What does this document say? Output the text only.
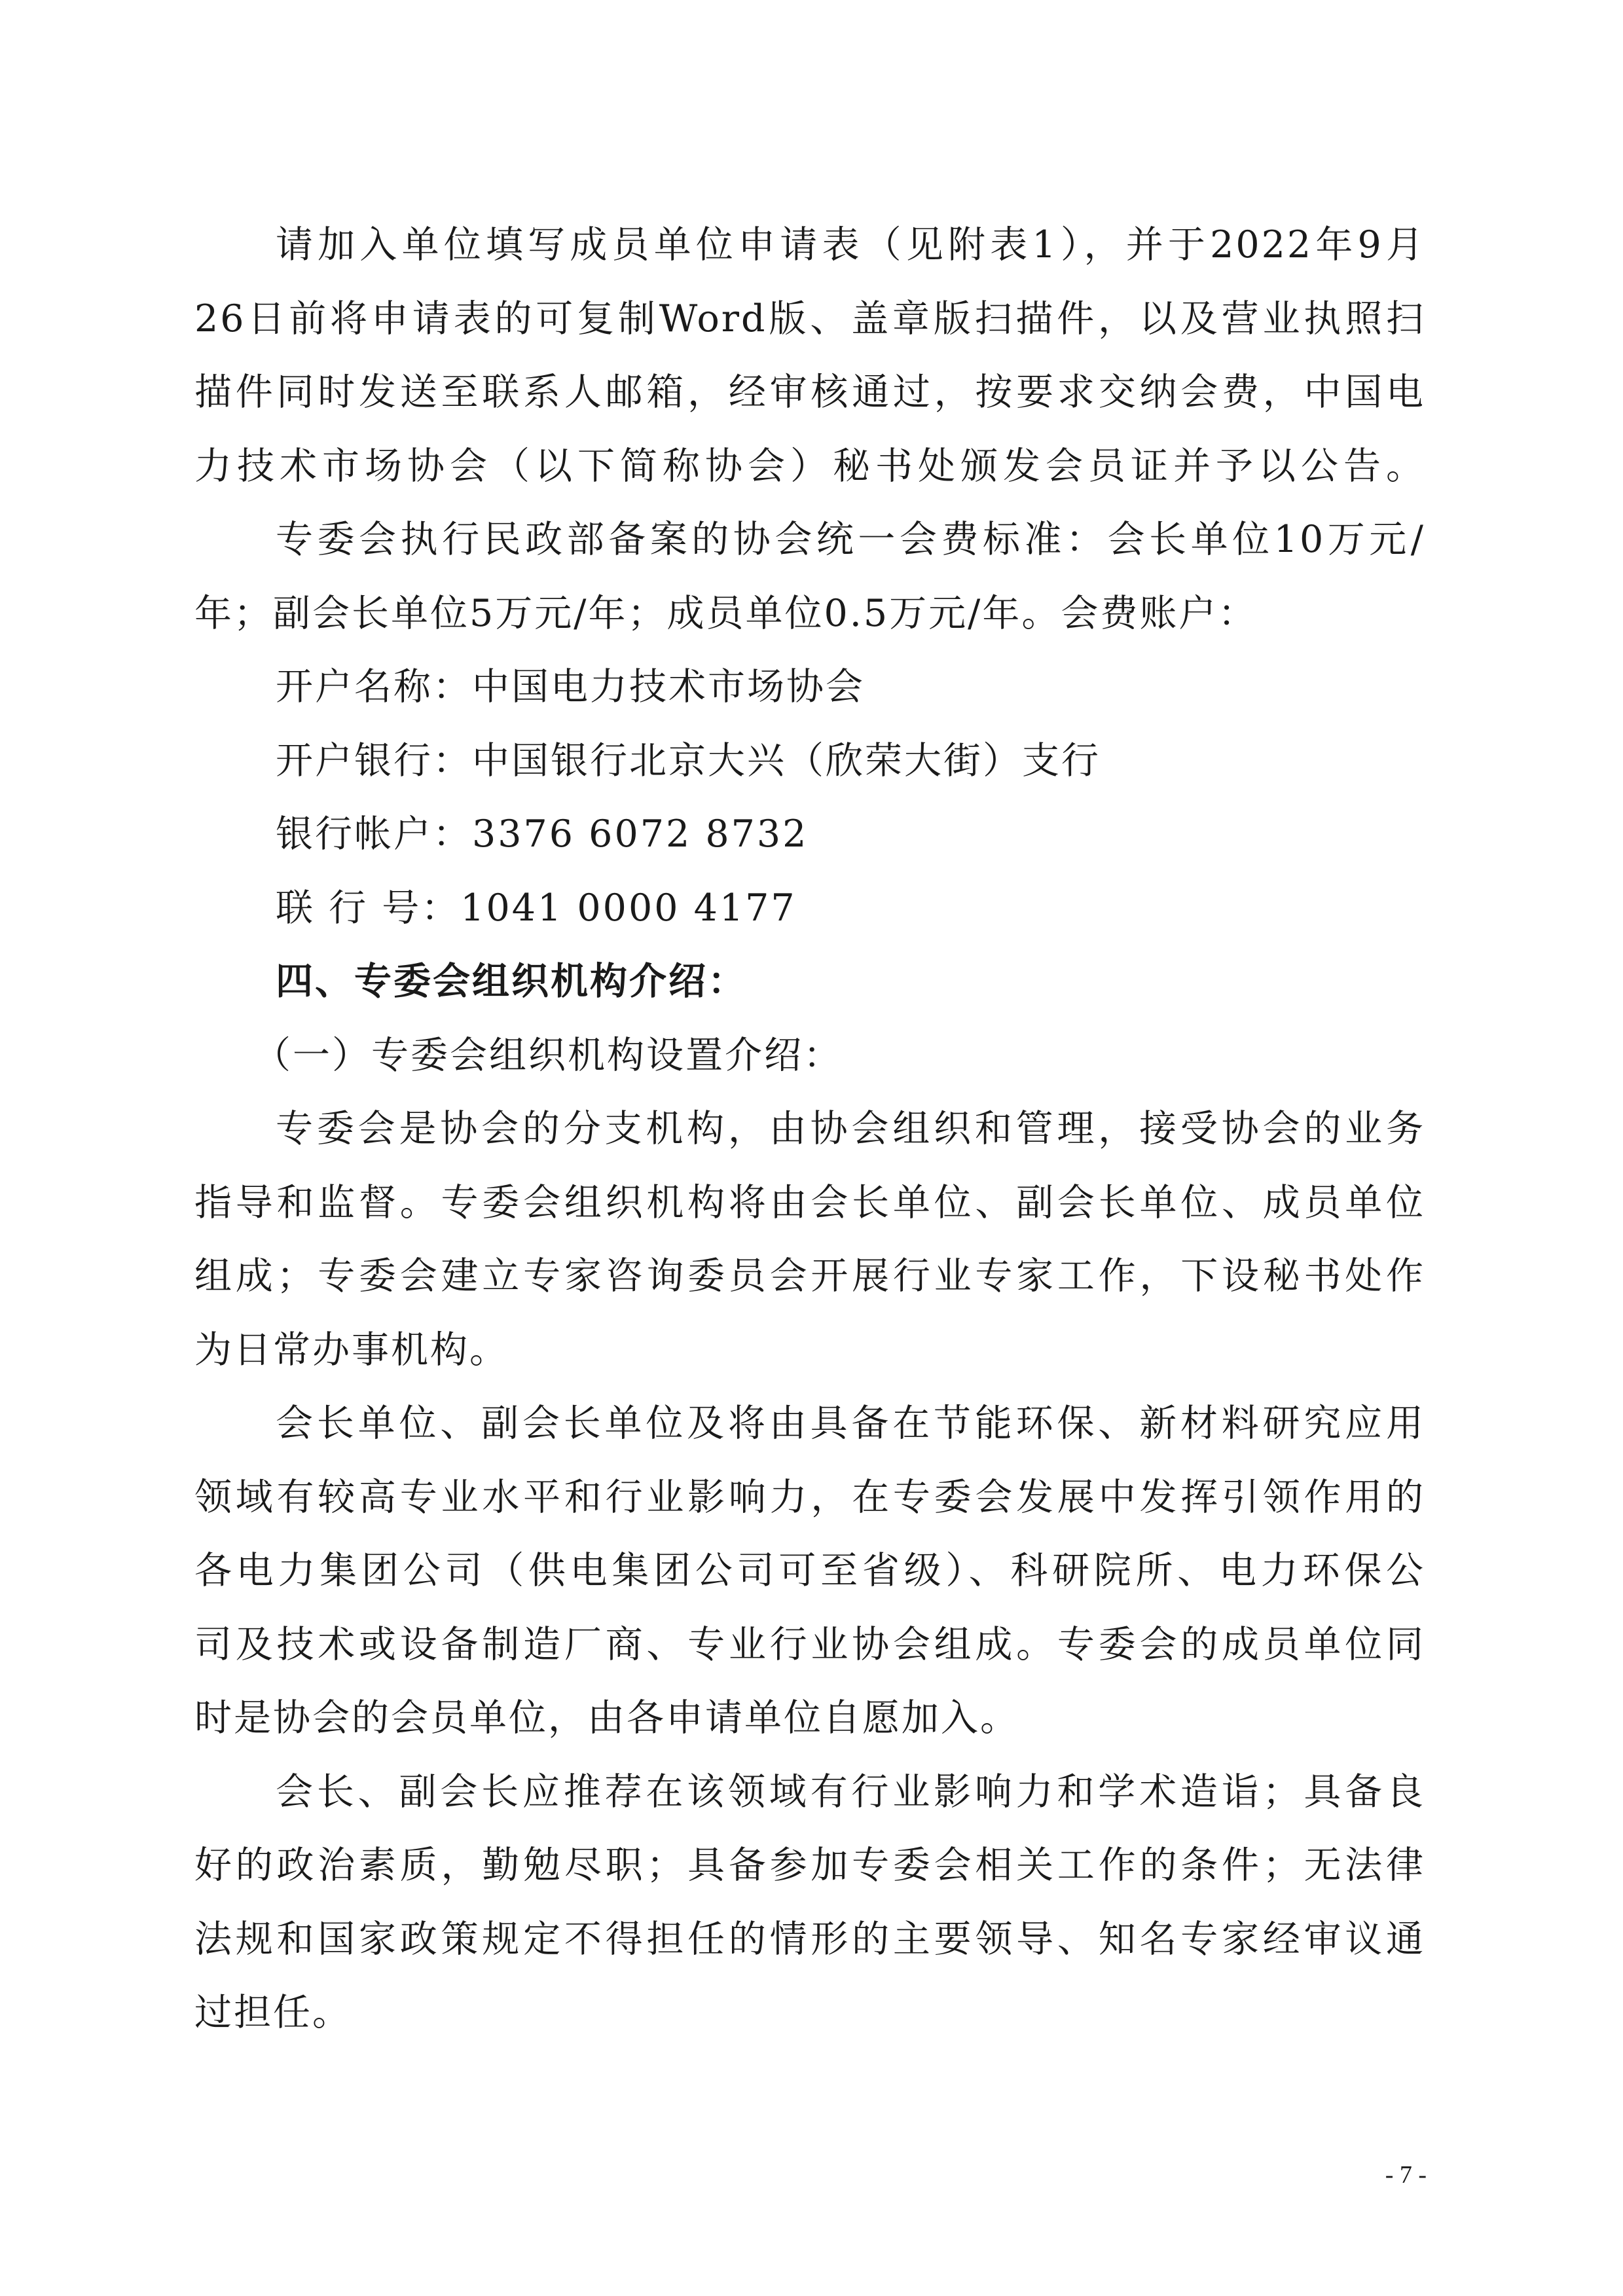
请加入单位填写成员单位申请表（见附表1），并于2022年9月

26日前将申请表的可复制Word版、盖章版扫描件，以及营业执照扫

描件同时发送至联系人邮箱，经审核通过，按要求交纳会费，中国电

力技术市场协会（以下简称协会）秘书处颁发会员证并予以公告。

专委会执行民政部备案的协会统一会费标准：会长单位10万元/

年；副会长单位5万元/年；成员单位0.5万元/年。会费账户：

开户名称：中国电力技术市场协会

开户银行：中国银行北京大兴（欣荣大街）支行

银行帐户：3376 6072 8732

联 行 号：1041 0000 4177

四、专委会组织机构介绍：

（一）专委会组织机构设置介绍：

专委会是协会的分支机构，由协会组织和管理，接受协会的业务

指导和监督。专委会组织机构将由会长单位、副会长单位、成员单位

组成；专委会建立专家咨询委员会开展行业专家工作，下设秘书处作

为日常办事机构。

会长单位、副会长单位及将由具备在节能环保、新材料研究应用

领域有较高专业水平和行业影响力，在专委会发展中发挥引领作用的

各电力集团公司（供电集团公司可至省级）、科研院所、电力环保公

司及技术或设备制造厂商、专业行业协会组成。专委会的成员单位同

时是协会的会员单位，由各申请单位自愿加入。

会长、副会长应推荐在该领域有行业影响力和学术造诣；具备良

好的政治素质，勤勉尽职；具备参加专委会相关工作的条件；无法律

法规和国家政策规定不得担任的情形的主要领导、知名专家经审议通

过担任。

- 7 -
